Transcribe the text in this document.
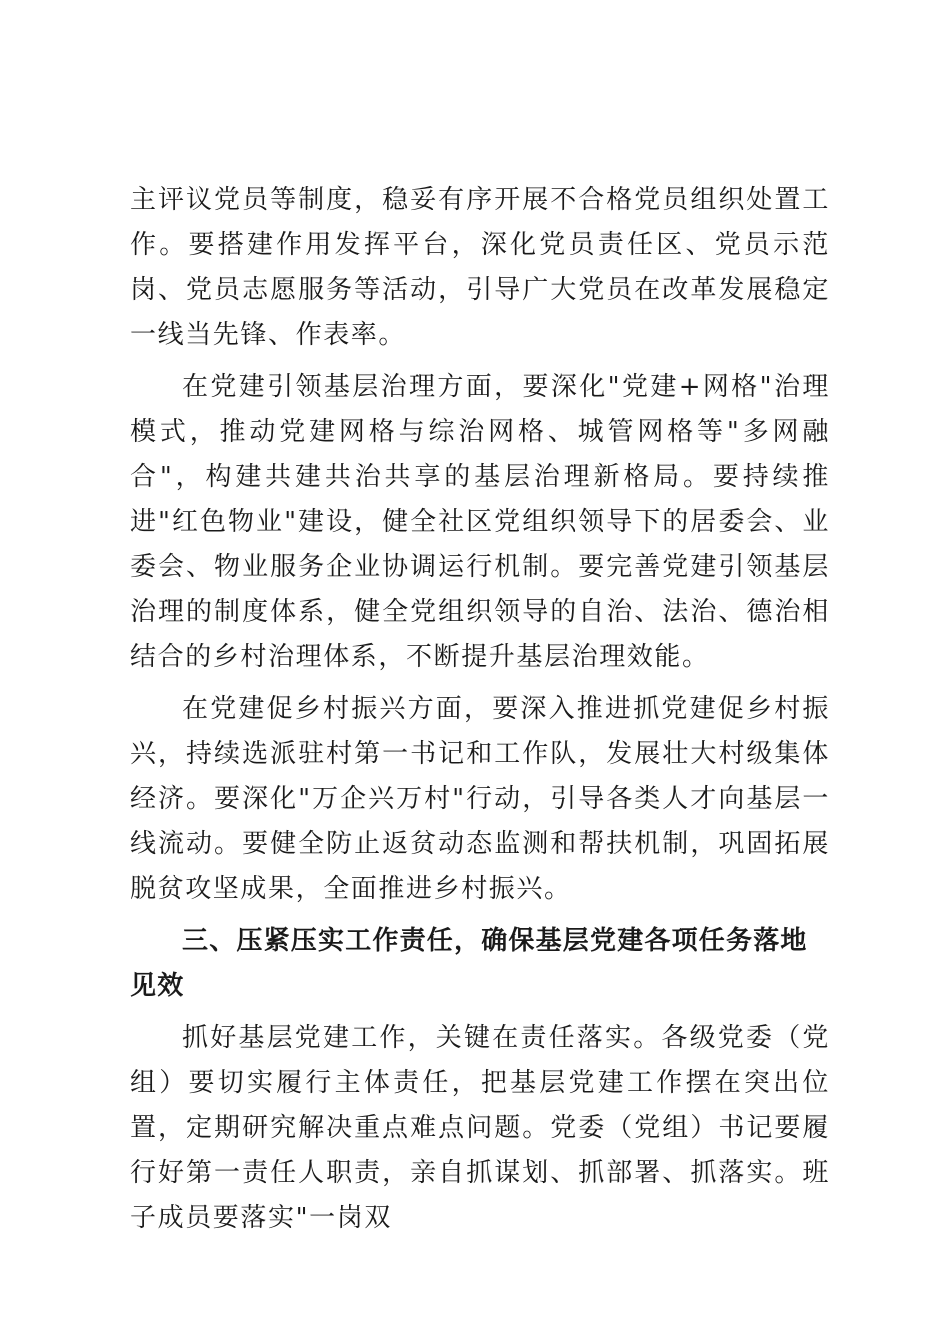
主评议党员等制度，稳妥有序开展不合格党员组织处置工作。要搭建作用发挥平台，深化党员责任区、党员示范岗、党员志愿服务等活动，引导广大党员在改革发展稳定一线当先锋、作表率。

在党建引领基层治理方面，要深化"党建+网格"治理模式，推动党建网格与综治网格、城管网格等"多网融合"，构建共建共治共享的基层治理新格局。要持续推进"红色物业"建设，健全社区党组织领导下的居委会、业委会、物业服务企业协调运行机制。要完善党建引领基层治理的制度体系，健全党组织领导的自治、法治、德治相结合的乡村治理体系，不断提升基层治理效能。

在党建促乡村振兴方面，要深入推进抓党建促乡村振兴，持续选派驻村第一书记和工作队，发展壮大村级集体经济。要深化"万企兴万村"行动，引导各类人才向基层一线流动。要健全防止返贫动态监测和帮扶机制，巩固拓展脱贫攻坚成果，全面推进乡村振兴。

三、压紧压实工作责任，确保基层党建各项任务落地见效

抓好基层党建工作，关键在责任落实。各级党委（党组）要切实履行主体责任，把基层党建工作摆在突出位置，定期研究解决重点难点问题。党委（党组）书记要履行好第一责任人职责，亲自抓谋划、抓部署、抓落实。班子成员要落实"一岗双
